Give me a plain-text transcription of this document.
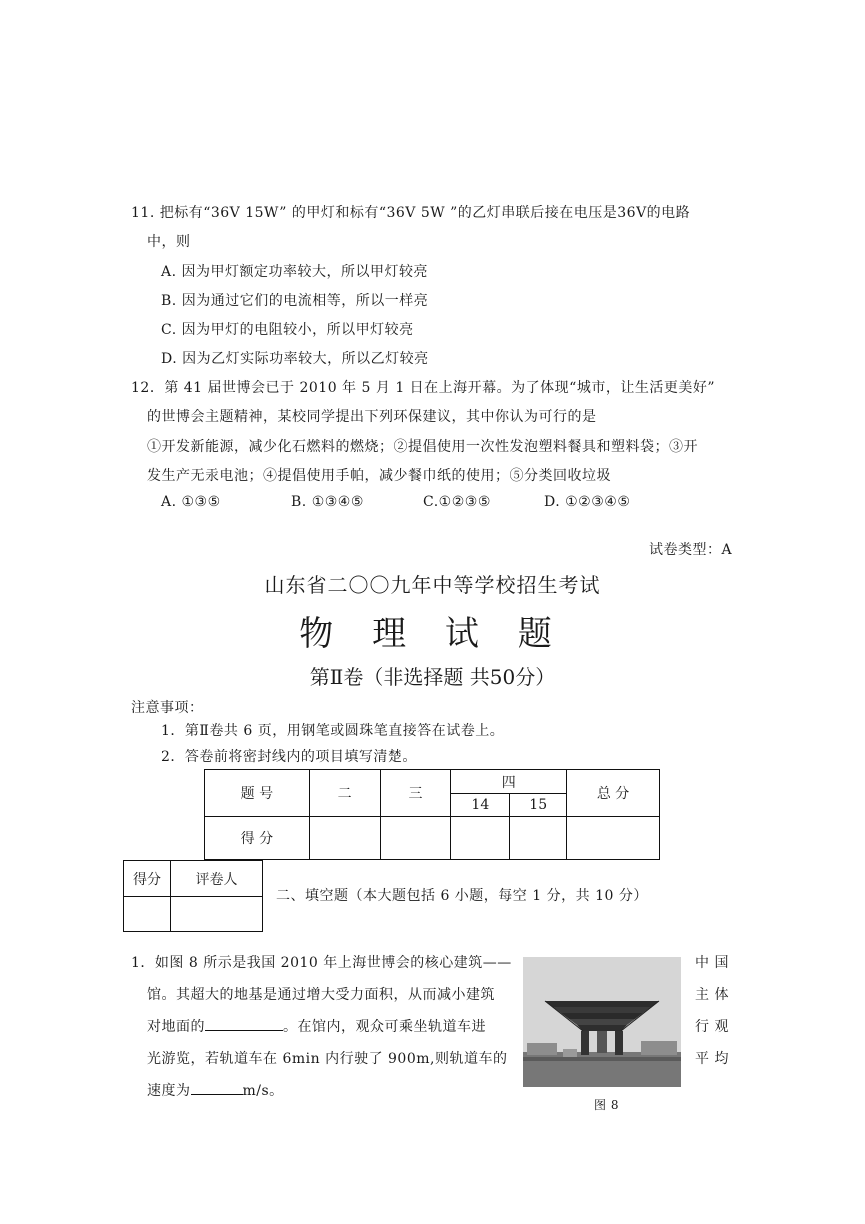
11. 把标有“36V 15W” 的甲灯和标有“36V 5W ”的乙灯串联后接在电压是36V的电路
中，则
A. 因为甲灯额定功率较大，所以甲灯较亮
B. 因为通过它们的电流相等，所以一样亮
C. 因为甲灯的电阻较小，所以甲灯较亮
D. 因为乙灯实际功率较大，所以乙灯较亮
12．第 41 届世博会已于 2010 年 5 月 1 日在上海开幕。为了体现“城市，让生活更美好”
的世博会主题精神，某校同学提出下列环保建议，其中你认为可行的是
①开发新能源，减少化石燃料的燃烧；②提倡使用一次性发泡塑料餐具和塑料袋；③开
发生产无汞电池；④提倡使用手帕，减少餐巾纸的使用；⑤分类回收垃圾
A. ①③⑤	B. ①③④⑤	C.①②③⑤	D. ①②③④⑤
试卷类型：A
山东省二〇〇九年中等学校招生考试
物 理 试 题
第Ⅱ卷（非选择题 共50分）
注意事项：
1．第Ⅱ卷共 6 页，用钢笔或圆珠笔直接答在试卷上。
2．答卷前将密封线内的项目填写清楚。
题 号	二	三	四		总 分
			14	15	
得 分					
得分	评卷人

二、填空题（本大题包括 6 小题，每空 1 分，共 10 分）
1．如图 8 所示是我国 2010 年上海世博会的核心建筑——
馆。其超大的地基是通过增大受力面积，从而减小建筑
对地面的	。在馆内，观众可乘坐轨道车进
光游览，若轨道车在 6min 内行驶了 900m,则轨道车的
速度为	m/s。
中 国
主 体
行 观
平 均
图 8
